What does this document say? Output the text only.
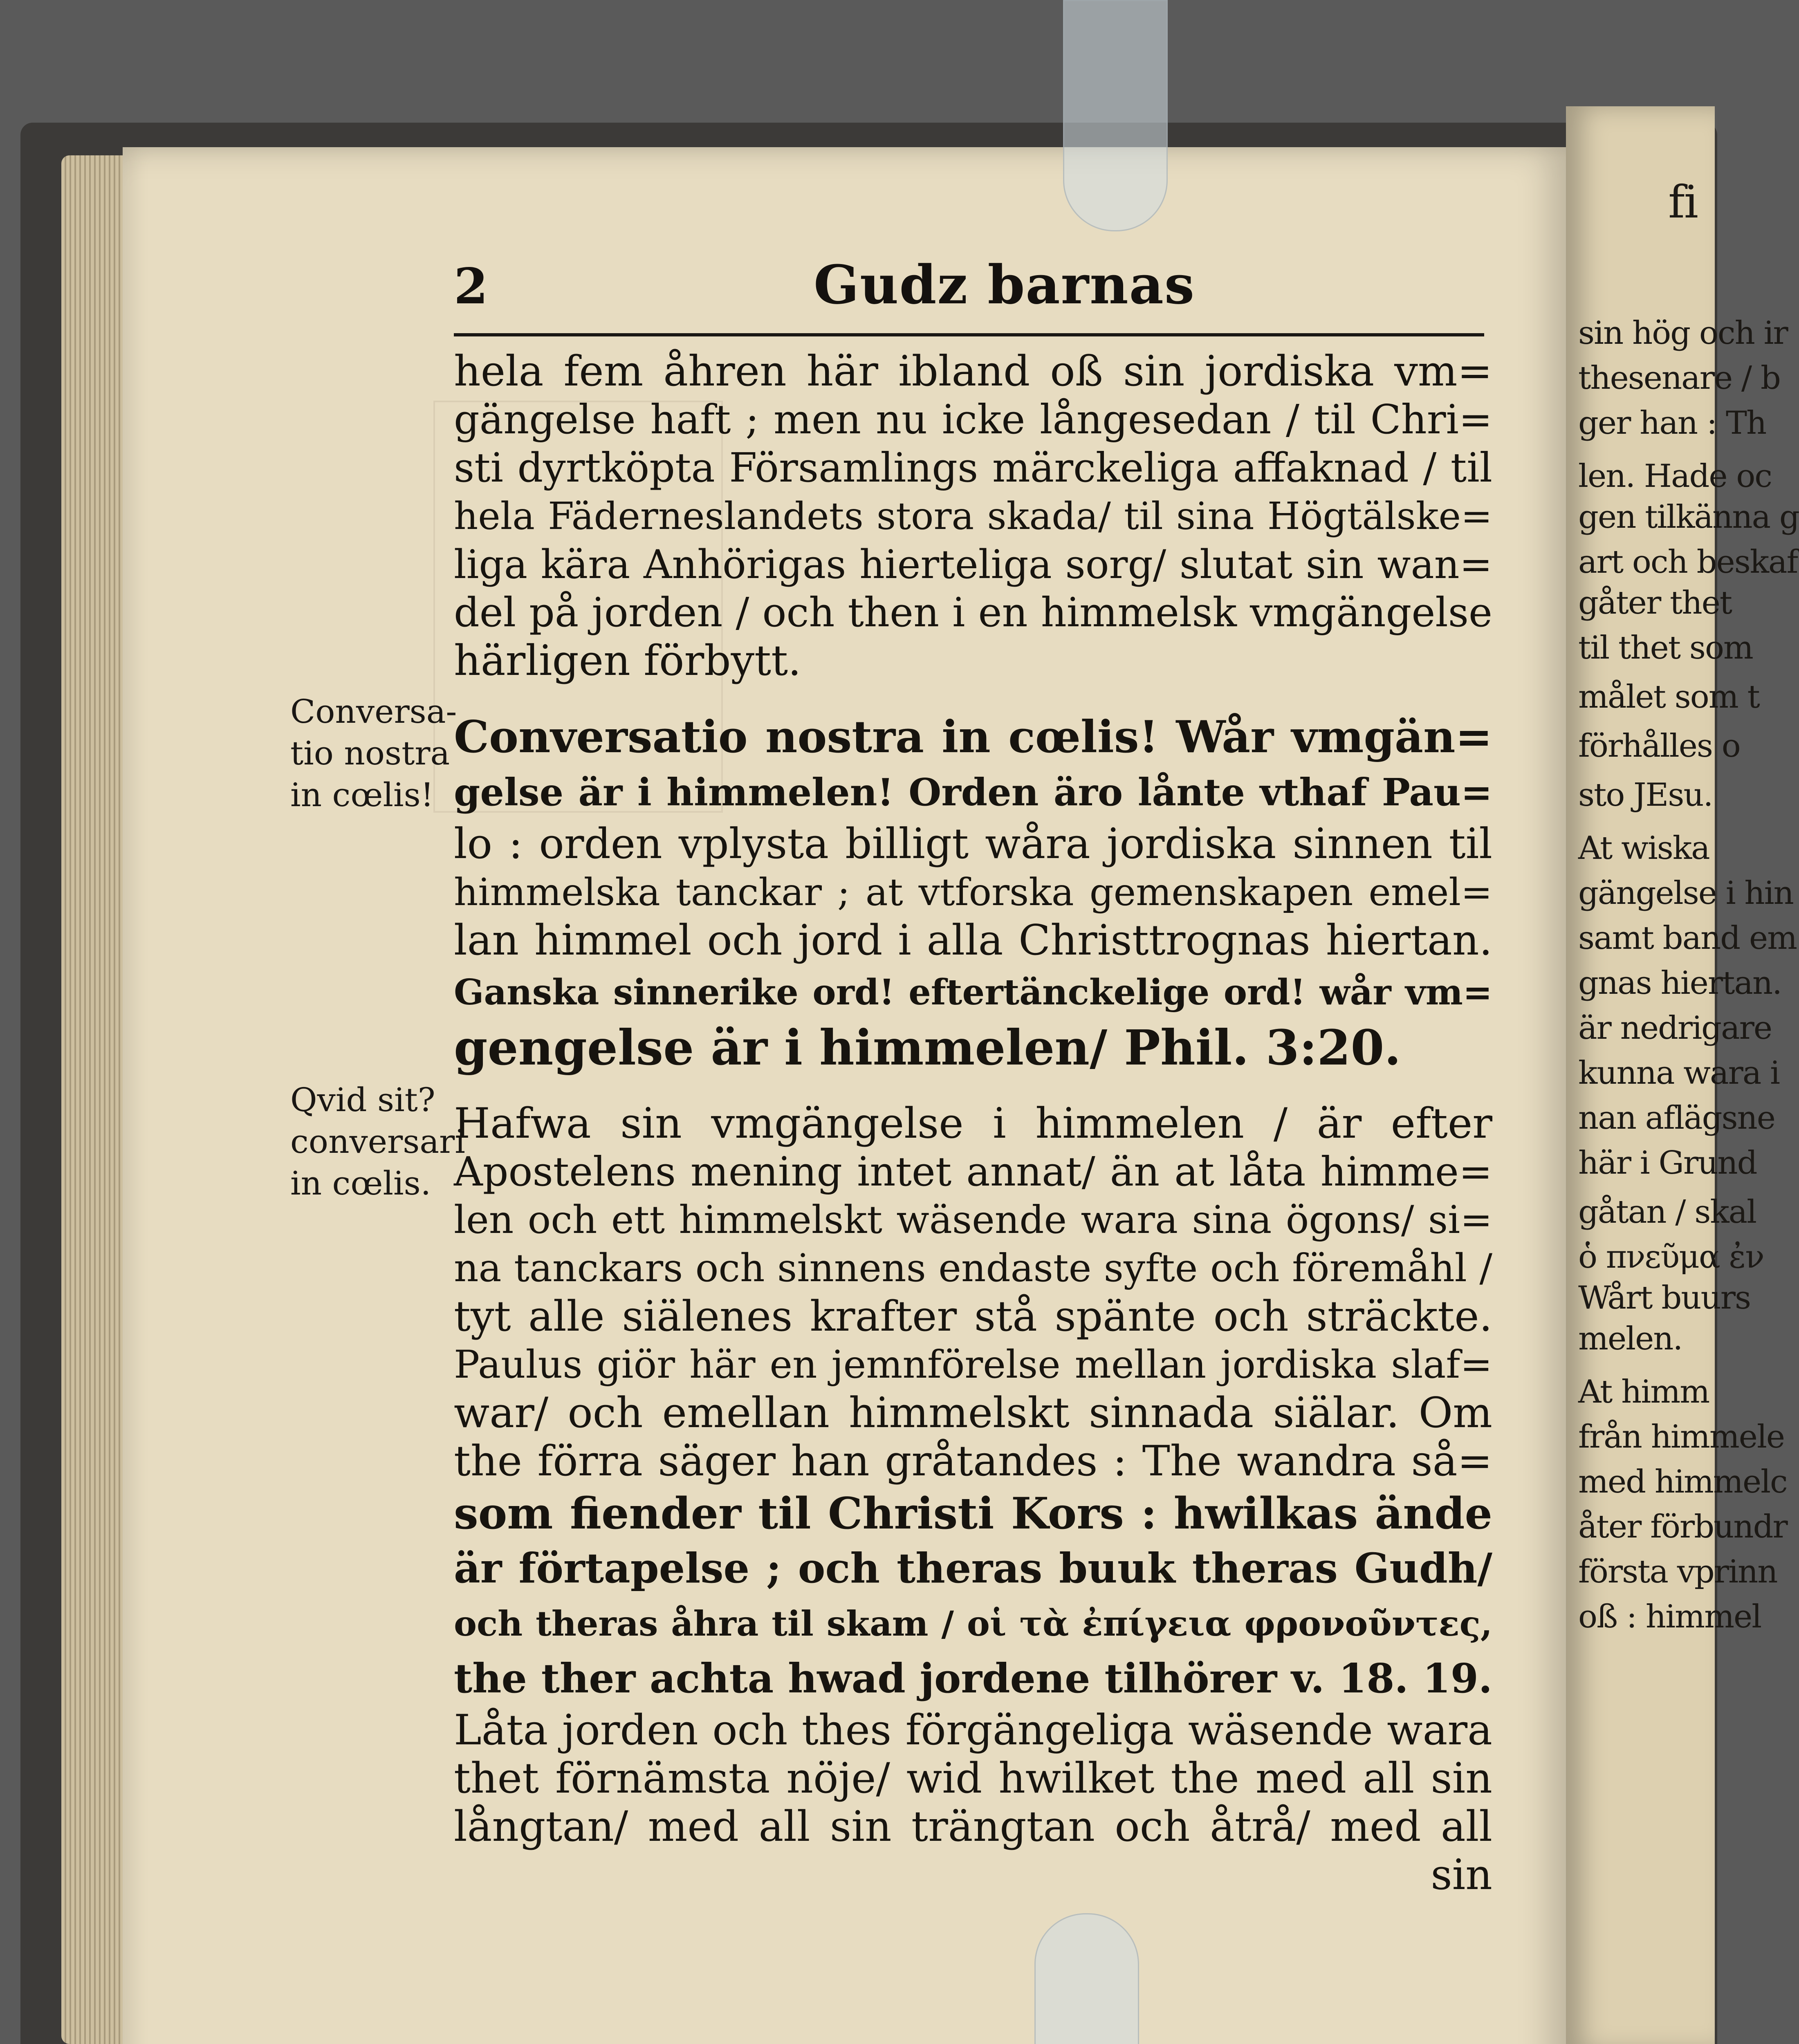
fi
sin hög och ir
thesenare / b
ger han : Th
len. Hade oc
gen tilkänna g
art och beskaf
gåter thet
til thet som
målet som t
förhålles o
sto JEsu.
At wiska
gängelse i hin
samt band em
gnas hiertan.
är nedrigare
kunna wara i
nan aflägsne
här i Grund
gåtan / skal
ὁ πνεῦμα ἐν
Wårt buurs
melen.
At himm
från himmele
med himmelc
åter förbundr
första vprinn
oß : himmel
2	Gudz barnas
Conversa-
tio nostra
in cœlis!
Qvid sit?
conversari
in cœlis.
hela fem åhren här ibland oß sin jordiska vm=
gängelse haft ; men nu icke långesedan / til Chri=
sti dyrtköpta Församlings märckeliga affaknad / til
hela Fäderneslandets stora skada/ til sina Högtälske=
liga kära Anhörigas hierteliga sorg/ slutat sin wan=
del på jorden / och then i en himmelsk vmgängelse
härligen förbytt.
Conversatio nostra in cœlis! Wår vmgän=
gelse är i himmelen! Orden äro lånte vthaf Pau=
lo : orden vplysta billigt wåra jordiska sinnen til
himmelska tanckar ; at vtforska gemenskapen emel=
lan himmel och jord i alla Christtrognas hiertan.
Ganska sinnerike ord! eftertänckelige ord! wår vm=
gengelse är i himmelen/ Phil. 3:20.
Hafwa sin vmgängelse i himmelen / är efter
Apostelens mening intet annat/ än at låta himme=
len och ett himmelskt wäsende wara sina ögons/ si=
na tanckars och sinnens endaste syfte och föremåhl /
tyt alle siälenes krafter stå spänte och sträckte.
Paulus giör här en jemnförelse mellan jordiska slaf=
war/ och emellan himmelskt sinnada siälar. Om
the förra säger han gråtandes : The wandra så=
som fiender til Christi Kors : hwilkas ände
är förtapelse ; och theras buuk theras Gudh/
och theras åhra til skam / οἱ τὰ ἐπίγεια φρονοῦντες,
the ther achta hwad jordene tilhörer v. 18. 19.
Låta jorden och thes förgängeliga wäsende wara
thet förnämsta nöje/ wid hwilket the med all sin
långtan/ med all sin trängtan och åtrå/ med all
sin
